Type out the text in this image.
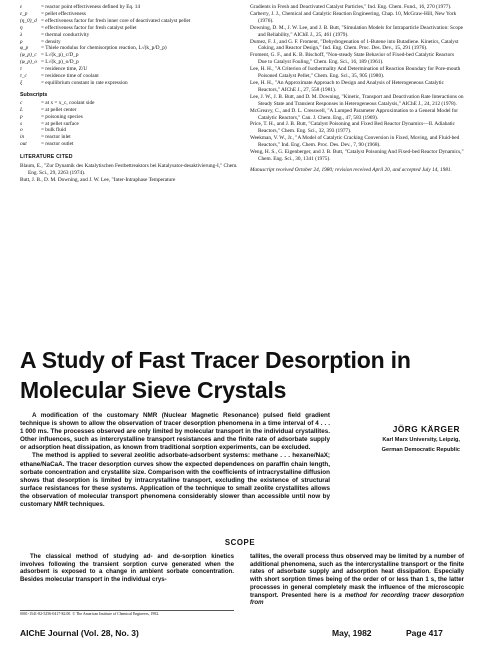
ε	= reactor point effectiveness defined by Eq. 14
ε_p	= pellet effectiveness
(η_0)_d = effectiveness factor for fresh inner core of deactivated catalyst pellet
η	= effectiveness factor for fresh catalyst pellet
λ	= thermal conductivity
ρ	= density
φ_p	= Thiele modulus for chemisorption reaction, L√(k_p/D_p)
(φ_p)_c = L√(k_p)_c/D_p
(φ_p)_o = L√(k_p)_o/D_p
τ	= residence time, Z/U
τ_c	= residence time of coolant
ξ	= equilibrium constant in rate expression
Subscripts
c	= at x = x_c, coolant side
L	= at pellet center
p	= poisoning species
s	= at pellet surface
o	= bulk fluid
in	= reactor inlet
out	= reactor outlet
LITERATURE CITED

Blaum, E., "Zur Dynamik des Katalytischen Festbettreaktors bei Katalysator-desaktivierung-I," Chem. Eng. Sci., 29, 2263 (1974).

Butt, J. B., D. M. Downing, and J. W. Lee, "Inter-Intraphase Temperature

Gradients in Fresh and Deactivated Catalyst Particles," Ind. Eng. Chem. Fund., 16, 270 (1977).

Carberry, J. J., Chemical and Catalytic Reaction Engineering, Chap. 10, McGraw-Hill, New York (1976).

Downing, D. M., J. W. Lee, and J. B. Butt, "Simulation Models for Intraparticle Deactivation: Scope and Reliability," AIChE J., 25, 461 (1979).

Dumez, F. J., and G. F. Froment, "Dehydrogenation of 1-Butene into Butadiene. Kinetics, Catalyst Coking, and Reactor Design," Ind. Eng. Chem. Proc. Des. Dev., 15, 291 (1976).

Froment, G. F., and K. B. Bischoff, "Non-steady State Behavior of Fixed-bed Catalytic Reactors Due to Catalyst Fouling," Chem. Eng. Sci., 16, 189 (1961).

Lee, H. H., "A Criterion of Isothermality And Determination of Reaction Boundary for Pore-mouth Poisoned Catalyst Pellet," Chem. Eng. Sci., 35, 905 (1980).

Lee, H. H., "An Approximate Approach to Design and Analysis of Heterogeneous Catalytic Reactors," AIChE J., 27, 558 (1981).

Lee, J. W., J. B. Butt, and D. M. Downing, "Kinetic, Transport and Deactivation Rate Interactions on Steady State and Transient Responses in Heterogeneous Catalysis," AIChE J., 24, 212 (1978).

McGreavy, C., and D. L. Cresswell, "A Lumped Parameter Approximation to a General Model for Catalytic Reactors," Can. J. Chem. Eng., 47, 583 (1969).

Price, T. H., and J. B. Butt, "Catalyst Poisoning and Fixed Bed Reactor Dynamics—II. Adiabatic Reactors," Chem. Eng. Sci., 32, 393 (1977).

Weekman, V. W., Jr., "A Model of Catalytic Cracking Conversion in Fixed, Moving, and Fluid-bed Reactors," Ind. Eng. Chem. Proc. Des. Dev., 7, 90 (1968).

Weng, H. S., G. Eigenberger, and J. B. Butt, "Catalyst Poisoning And Fixed-bed Reactor Dynamics," Chem. Eng. Sci., 30, 1341 (1975).

Manuscript received October 24, 1980; revision received April 20, and accepted July 14, 1981.
A Study of Fast Tracer Desorption in Molecular Sieve Crystals

A modification of the customary NMR (Nuclear Magnetic Resonance) pulsed field gradient technique is shown to allow the observation of tracer desorption phenomena in a time interval of 4 . . . 1 000 ms. The processes observed are only limited by molecular transport in the individual crystallites. Other influences, such as intercrystalline transport resistances and the finite rate of adsorbate supply or adsorption heat dissipation, as known from traditional sorption experiments, can be excluded.

The method is applied to several zeolitic adsorbate-adsorbent systems: methane . . . hexane/NaX; ethane/NaCaA. The tracer desorption curves show the expected dependences on paraffin chain length, sorbate concentration and crystallite size. Comparison with the coefficients of intracrystalline diffusion shows that desorption is limited by intracrystalline transport, excluding the existence of structural surface resistances for these systems. Application of the technique to small zeolite crystallites allows the observation of molecular transport phenomena considerably slower than accessible until now by customary NMR techniques.

JÖRG KÄRGER
Karl Marx University, Leipzig,
German Democratic Republic
SCOPE

The classical method of studying ad- and de-sorption kinetics involves following the transient sorption curve generated when the adsorbent is exposed to a change in ambient sorbate concentration. Besides molecular transport in the individual crys-

tallites, the overall process thus observed may be limited by a number of additional phenomena, such as the intercrystalline transport or the finite rates of adsorbate supply and adsorption heat dissipation. Especially with short sorption times being of the order of or less than 1 s, the latter processes in general completely mask the influence of the microscopic transport. Presented here is a method for recording tracer desorption from

0001-1541-82-5256-0417-$2.00. © The American Institute of Chemical Engineers, 1982.
AIChE Journal (Vol. 28, No. 3)	May, 1982	Page 417
